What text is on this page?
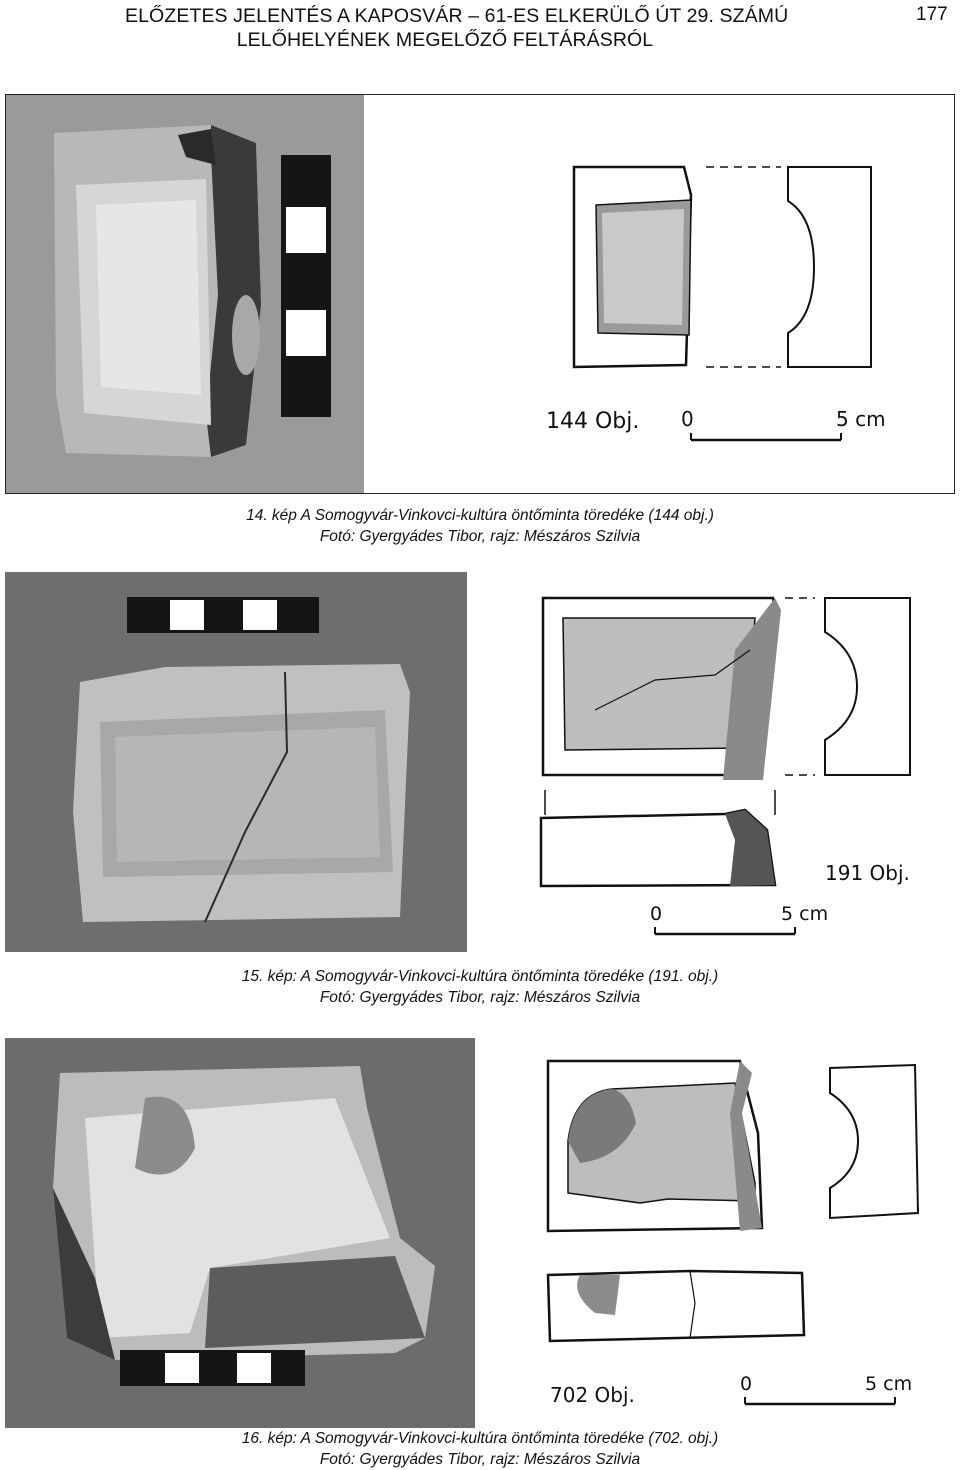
ELŐZETES JELENTÉS A KAPOSVÁR – 61-ES ELKERÜLŐ ÚT 29. SZÁMÚ
LELŐHELYÉNEK MEGELŐZŐ FELTÁRÁSRÓL
177
144 Obj. 0	5 cm
14. kép A Somogyvár-Vinkovci-kultúra öntőminta töredéke (144 obj.)
Fotó: Gyergyádes Tibor, rajz: Mészáros Szilvia
191 Obj.
0	5 cm
15. kép: A Somogyvár-Vinkovci-kultúra öntőminta töredéke (191. obj.)
Fotó: Gyergyádes Tibor, rajz: Mészáros Szilvia
702 Obj.	0	5 cm
16. kép: A Somogyvár-Vinkovci-kultúra öntőminta töredéke (702. obj.)
Fotó: Gyergyádes Tibor, rajz: Mészáros Szilvia
